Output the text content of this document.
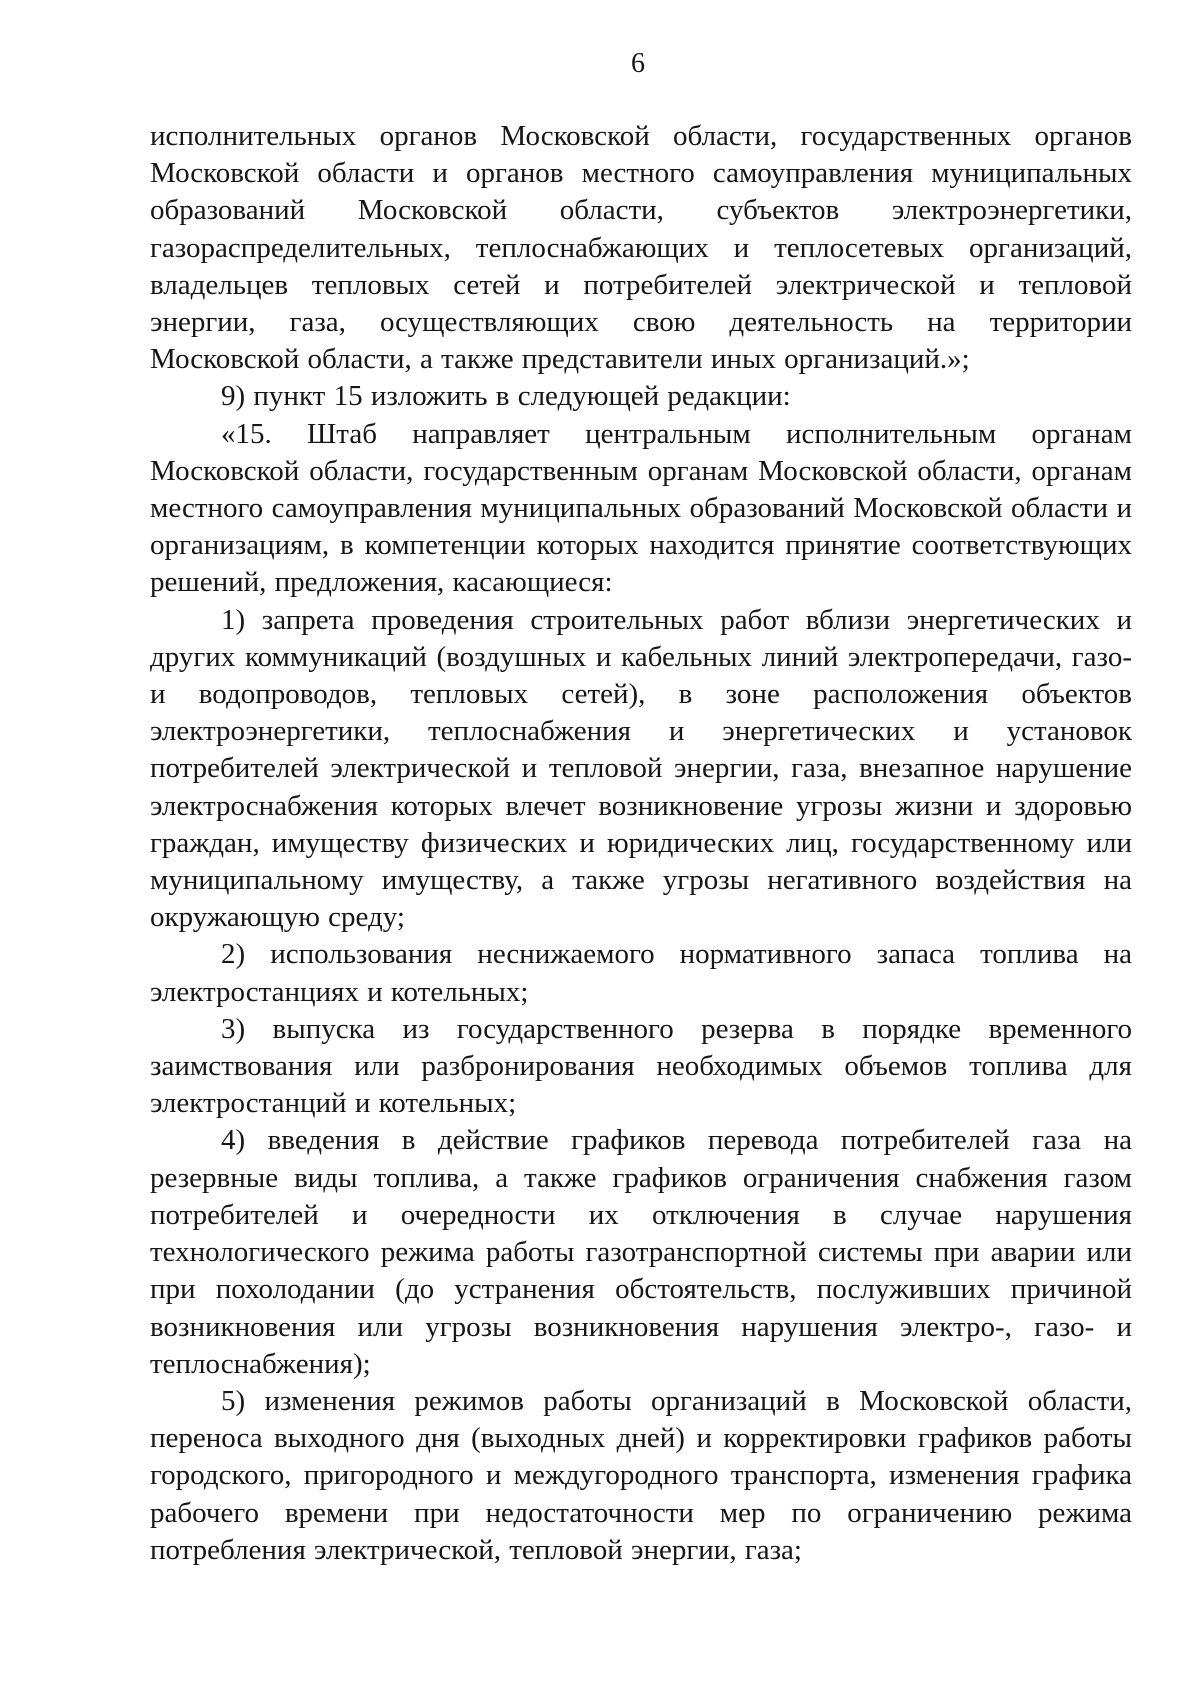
6

исполнительных органов Московской области, государственных органов Московской области и органов местного самоуправления муниципальных образований Московской области, субъектов электроэнергетики, газораспределительных, теплоснабжающих и теплосетевых организаций, владельцев тепловых сетей и потребителей электрической и тепловой энергии, газа, осуществляющих свою деятельность на территории Московской области, а также представители иных организаций.»;

9) пункт 15 изложить в следующей редакции:

«15. Штаб направляет центральным исполнительным органам Московской области, государственным органам Московской области, органам местного самоуправления муниципальных образований Московской области и организациям, в компетенции которых находится принятие соответствующих решений, предложения, касающиеся:

1) запрета проведения строительных работ вблизи энергетических и других коммуникаций (воздушных и кабельных линий электропередачи, газо- и водопроводов, тепловых сетей), в зоне расположения объектов электроэнергетики, теплоснабжения и энергетических и установок потребителей электрической и тепловой энергии, газа, внезапное нарушение электроснабжения которых влечет возникновение угрозы жизни и здоровью граждан, имуществу физических и юридических лиц, государственному или муниципальному имуществу, а также угрозы негативного воздействия на окружающую среду;

2) использования неснижаемого нормативного запаса топлива на электростанциях и котельных;

3) выпуска из государственного резерва в порядке временного заимствования или разбронирования необходимых объемов топлива для электростанций и котельных;

4) введения в действие графиков перевода потребителей газа на резервные виды топлива, а также графиков ограничения снабжения газом потребителей и очередности их отключения в случае нарушения технологического режима работы газотранспортной системы при аварии или при похолодании (до устранения обстоятельств, послуживших причиной возникновения или угрозы возникновения нарушения электро-, газо- и теплоснабжения);

5) изменения режимов работы организаций в Московской области, переноса выходного дня (выходных дней) и корректировки графиков работы городского, пригородного и междугородного транспорта, изменения графика рабочего времени при недостаточности мер по ограничению режима потребления электрической, тепловой энергии, газа;
